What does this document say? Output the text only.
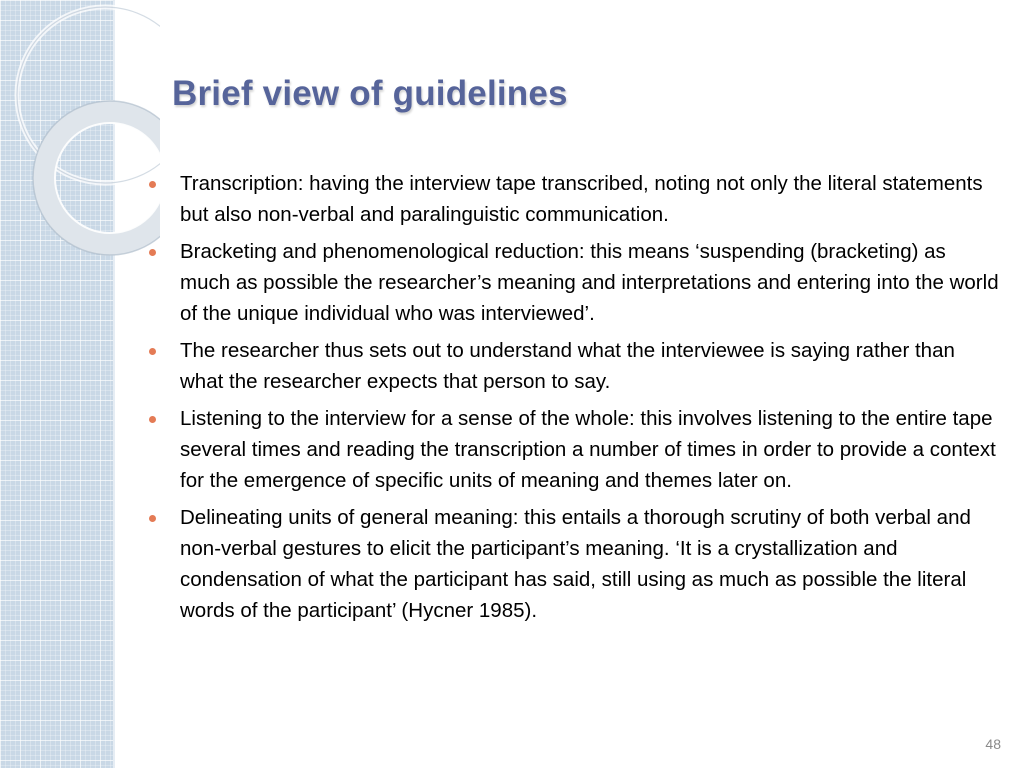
Brief view of guidelines
Transcription: having the interview tape transcribed, noting not only the literal statements but also non-verbal and paralinguistic communication.
Bracketing and phenomenological reduction: this means ‘suspending (bracketing) as much as possible the researcher’s meaning and interpretations and entering into the world of the unique individual who was interviewed’.
The researcher thus sets out to understand what the interviewee is saying rather than what the researcher expects that person to say.
Listening to the interview for a sense of the whole: this involves listening to the entire tape several times and reading the transcription a number of times in order to provide a context for the emergence of specific units of meaning and themes later on.
Delineating units of general meaning: this entails a thorough scrutiny of both verbal and non-verbal gestures to elicit the participant’s meaning. ‘It is a crystallization and condensation of what the participant has said, still using as much as possible the literal words of the participant’ (Hycner 1985).
48
